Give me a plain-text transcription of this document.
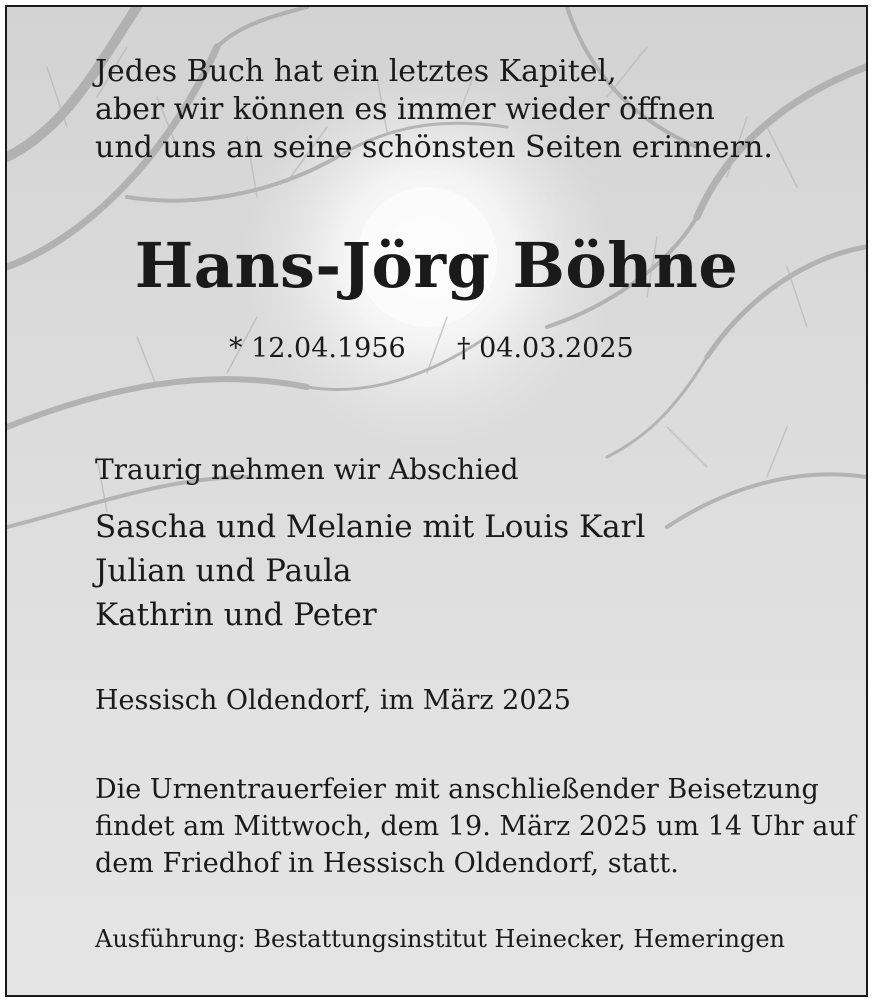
Jedes Buch hat ein letztes Kapitel,
aber wir können es immer wieder öffnen
und uns an seine schönsten Seiten erinnern.

Hans-Jörg Böhne
* 12.04.1956 † 04.03.2025
Traurig nehmen wir Abschied
Sascha und Melanie mit Louis Karl
Julian und Paula
Kathrin und Peter
Hessisch Oldendorf, im März 2025

Die Urnentrauerfeier mit anschließender Beisetzung
findet am Mittwoch, dem 19. März 2025 um 14 Uhr auf
dem Friedhof in Hessisch Oldendorf, statt.

Ausführung: Bestattungsinstitut Heinecker, Hemeringen
